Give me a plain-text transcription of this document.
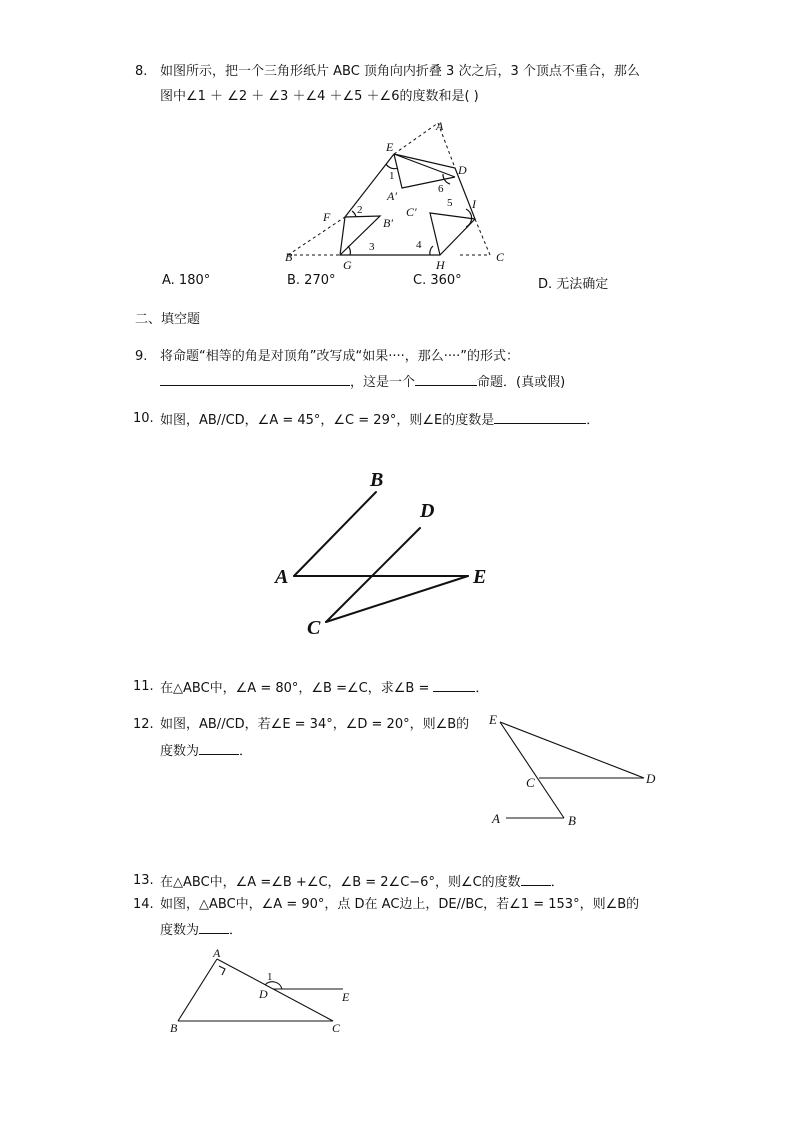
8. 如图所示，把一个三角形纸片 ABC 顶角向内折叠 3 次之后，3 个顶点不重合，那么
图中∠1 ＋ ∠2 ＋ ∠3 ＋∠4 ＋∠5 ＋∠6的度数和是( )
A
E
D
1
6
A′	5 I
C′
F 2
B′
3	4
B
G	H
C
A. 180°	B. 270°	C. 360°	D. 无法确定
二、填空题
9. 将命题“相等的角是对顶角”改写成“如果····，那么····”的形式：
，这是一个	命题．(真或假)
10. 如图，AB//CD，∠A = 45°，∠C = 29°，则∠E的度数是	．
B
D
A	E
C
11. 在△ABC中，∠A = 80°，∠B =∠C，求∠B =	．
12. 如图，AB//CD，若∠E = 34°，∠D = 20°，则∠B的
度数为	．
E
C	D
A	B
13. 在△ABC中，∠A =∠B +∠C，∠B = 2∠C−6°，则∠C的度数 ．
14. 如图，△ABC中，∠A = 90°，点 D在 AC边上，DE//BC，若∠1 = 153°，则∠B的
度数为 ．
A
1
D	E
B	C
